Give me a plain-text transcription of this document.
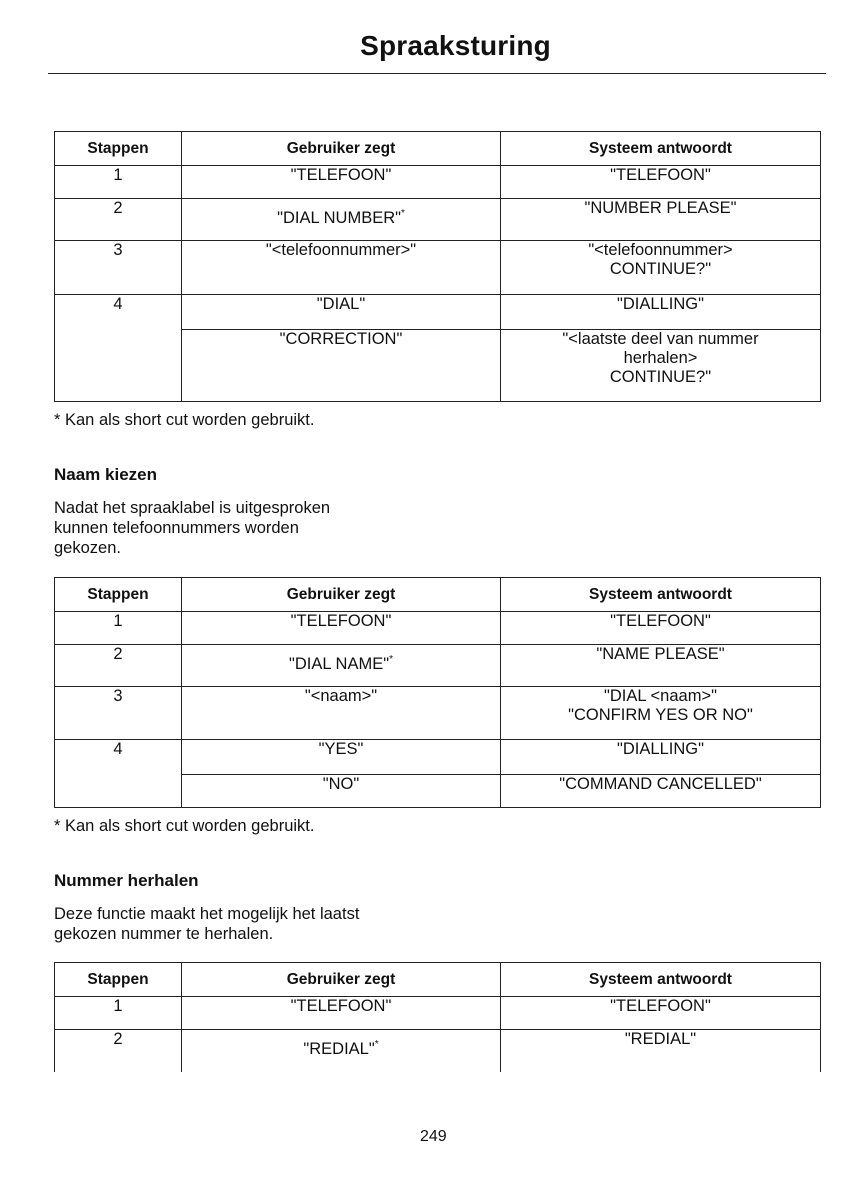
Spraaksturing
Stappen	Gebruiker zegt	Systeem antwoordt
1	"TELEFOON"	"TELEFOON"
2	"DIAL NUMBER"*	"NUMBER PLEASE"
3	"<telefoonnummer>"	"<telefoonnummer>
CONTINUE?"
4	"DIAL"	"DIALLING"
	"CORRECTION"	"<laatste deel van nummer
herhalen>
CONTINUE?"
* Kan als short cut worden gebruikt.
Naam kiezen
Nadat het spraaklabel is uitgesproken
kunnen telefoonnummers worden
gekozen.
Stappen	Gebruiker zegt	Systeem antwoordt
1	"TELEFOON"	"TELEFOON"
2	"DIAL NAME"*	"NAME PLEASE"
3	"<naam>"	"DIAL <naam>"
"CONFIRM YES OR NO"
4	"YES"	"DIALLING"
	"NO"	"COMMAND CANCELLED"
* Kan als short cut worden gebruikt.
Nummer herhalen
Deze functie maakt het mogelijk het laatst
gekozen nummer te herhalen.
Stappen	Gebruiker zegt	Systeem antwoordt
1	"TELEFOON"	"TELEFOON"
2	"REDIAL"*	"REDIAL"
249
